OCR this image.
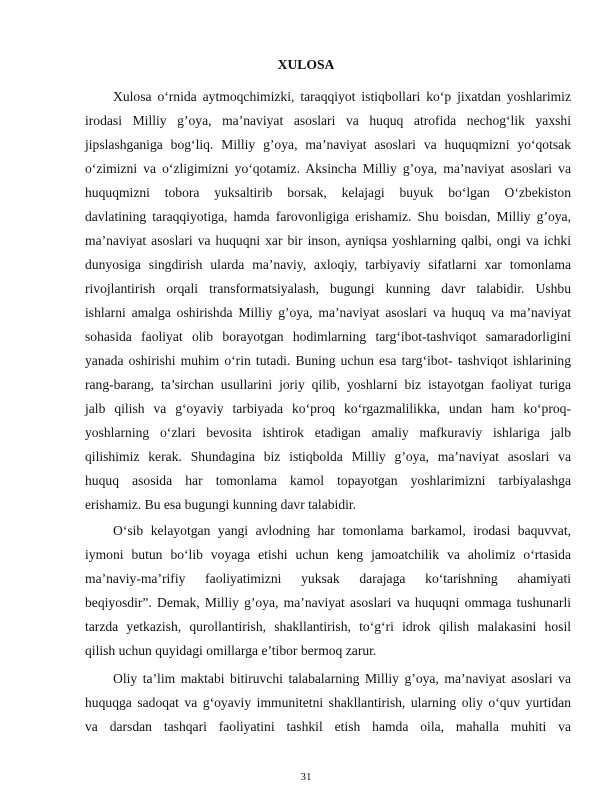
XULOSA
Xulosa o‘rnida aytmoqchimizki, taraqqiyot istiqbollari ko‘p jixatdan yoshlarimiz
irodasi Milliy g’oya, ma’naviyat asoslari va huquq atrofida nechog‘lik yaxshi
jipslashganiga bog‘liq. Milliy g’oya, ma’naviyat asoslari va huquqmizni yo‘qotsak
o‘zimizni va o‘zligimizni yo‘qotamiz. Aksincha Milliy g’oya, ma’naviyat asoslari va
huquqmizni tobora yuksaltirib borsak, kelajagi buyuk bo‘lgan O‘zbekiston
davlatining taraqqiyotiga, hamda farovonligiga erishamiz. Shu boisdan, Milliy g’oya,
ma’naviyat asoslari va huquqni xar bir inson, ayniqsa yoshlarning qalbi, ongi va ichki
dunyosiga singdirish ularda ma’naviy, axloqiy, tarbiyaviy sifatlarni xar tomonlama
rivojlantirish orqali transformatsiyalash, bugungi kunning davr talabidir. Ushbu
ishlarni amalga oshirishda Milliy g’oya, ma’naviyat asoslari va huquq va ma’naviyat
sohasida faoliyat olib borayotgan hodimlarning targ‘ibot-tashviqot samaradorligini
yanada oshirishi muhim o‘rin tutadi. Buning uchun esa targ‘ibot- tashviqot ishlarining
rang-barang, ta’sirchan usullarini joriy qilib, yoshlarni biz istayotgan faoliyat turiga
jalb qilish va g‘oyaviy tarbiyada ko‘proq ko‘rgazmalilikka, undan ham ko‘proq-
yoshlarning o‘zlari bevosita ishtirok etadigan amaliy mafkuraviy ishlariga jalb
qilishimiz kerak. Shundagina biz istiqbolda Milliy g’oya, ma’naviyat asoslari va
huquq asosida har tomonlama kamol topayotgan yoshlarimizni tarbiyalashga
erishamiz. Bu esa bugungi kunning davr talabidir.
O‘sib kelayotgan yangi avlodning har tomonlama barkamol, irodasi baquvvat,
iymoni butun bo‘lib voyaga etishi uchun keng jamoatchilik va aholimiz o‘rtasida
ma’naviy-ma’rifiy faoliyatimizni yuksak darajaga ko‘tarishning ahamiyati
beqiyosdir”. Demak, Milliy g’oya, ma’naviyat asoslari va huquqni ommaga tushunarli
tarzda yetkazish, qurollantirish, shakllantirish, to‘g‘ri idrok qilish malakasini hosil
qilish uchun quyidagi omillarga e’tibor bermoq zarur.
Oliy ta’lim maktabi bitiruvchi talabalarning Milliy g’oya, ma’naviyat asoslari va
huquqga sadoqat va g‘oyaviy immunitetni shakllantirish, ularning oliy o‘quv yurtidan
va darsdan tashqari faoliyatini tashkil etish hamda oila, mahalla muhiti va
31
